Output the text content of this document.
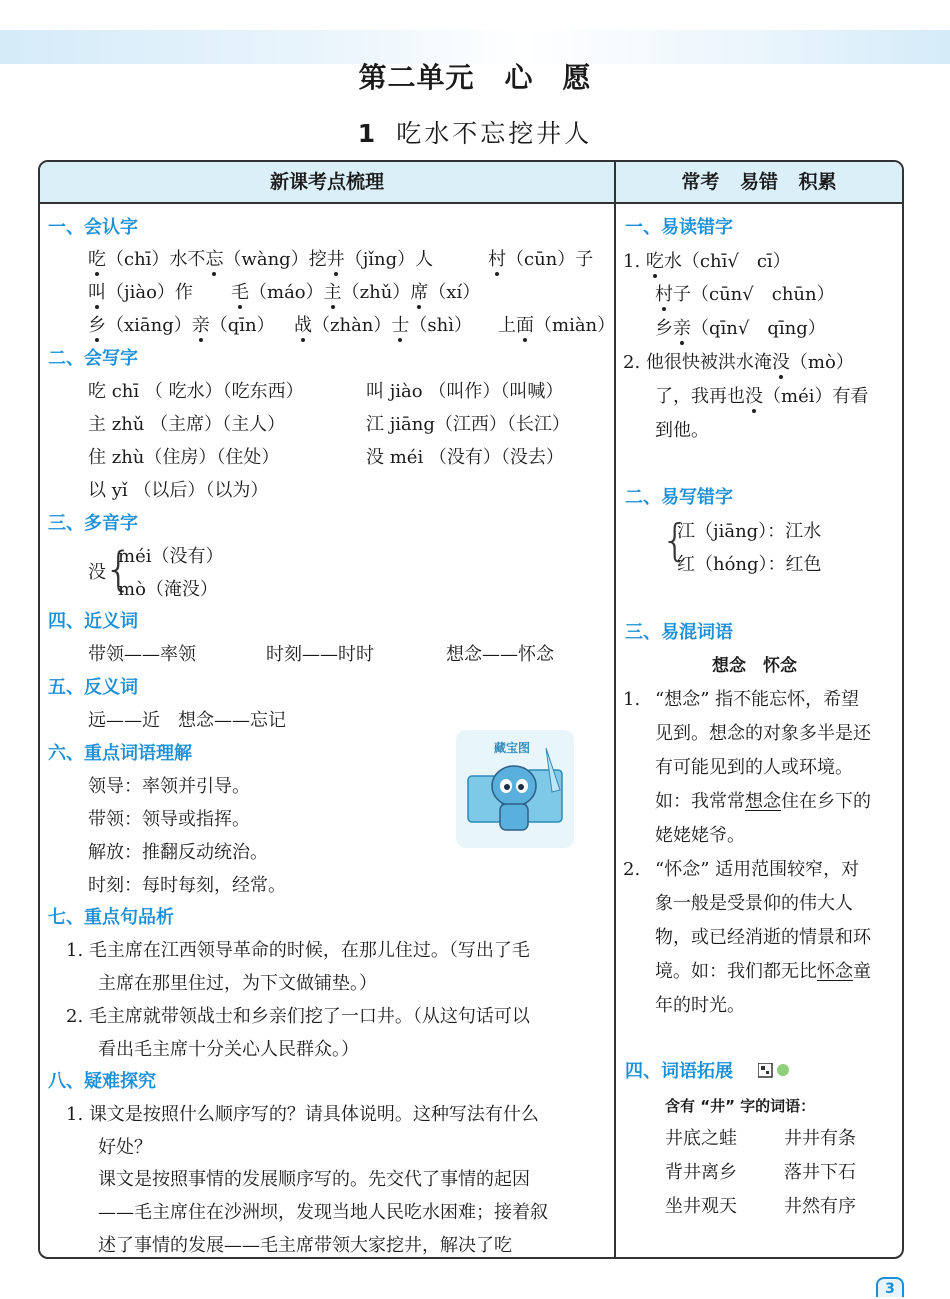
第二单元 心　愿
1 吃水不忘挖井人
新课考点梳理	常考 易错 积累
一、会认字
吃（chī）水不忘（wàng）挖井（jǐng）人	村（cūn）子
叫（jiào）作 毛（máo）主（zhǔ）席（xí）
乡（xiāng）亲（qīn） 战（zhàn）士（shì） 上面（miàn）
二、会写字
吃 chī （ 吃水）（吃东西）	叫 jiào （叫作）（叫喊）
主 zhǔ （主席）（主人）	江 jiāng（江西）（长江）
住 zhù（住房）（住处）	没 méi （没有）（没去）
以 yǐ （以后）（以为）
三、多音字
没
{
méi（没有）
mò（淹没）
四、近义词
带领——率领	时刻——时时	想念——怀念
五、反义词
远——近　想念——忘记
六、重点词语理解
领导：率领并引导。
带领：领导或指挥。
解放：推翻反动统治。
时刻：每时每刻，经常。
藏宝图
七、重点句品析
1. 毛主席在江西领导革命的时候，在那儿住过。（写出了毛
主席在那里住过，为下文做铺垫。）
2. 毛主席就带领战士和乡亲们挖了一口井。（从这句话可以
看出毛主席十分关心人民群众。）
八、疑难探究
1. 课文是按照什么顺序写的？请具体说明。这种写法有什么
好处？
课文是按照事情的发展顺序写的。先交代了事情的起因
——毛主席住在沙洲坝，发现当地人民吃水困难；接着叙
述了事情的发展——毛主席带领大家挖井，解决了吃
一、易读错字
1. 吃水（chī√　cī）
村子（cūn√　chūn）
乡亲（qīn√　qīng）
2. 他很快被洪水淹没（mò）
了，我再也没（méi）有看
到他。
二、易写错字
{
江（jiāng）：江水
红（hóng）：红色
三、易混词语
想念　怀念
1. “想念” 指不能忘怀，希望
见到。想念的对象多半是还
有可能见到的人或环境。
如：我常常想念住在乡下的
姥姥姥爷。
2. “怀念” 适用范围较窄，对
象一般是受景仰的伟大人
物，或已经消逝的情景和环
境。如：我们都无比怀念童
年的时光。
四、词语拓展
含有 “井” 字的词语：
井底之蛙	井井有条
背井离乡	落井下石
坐井观天	井然有序
3
